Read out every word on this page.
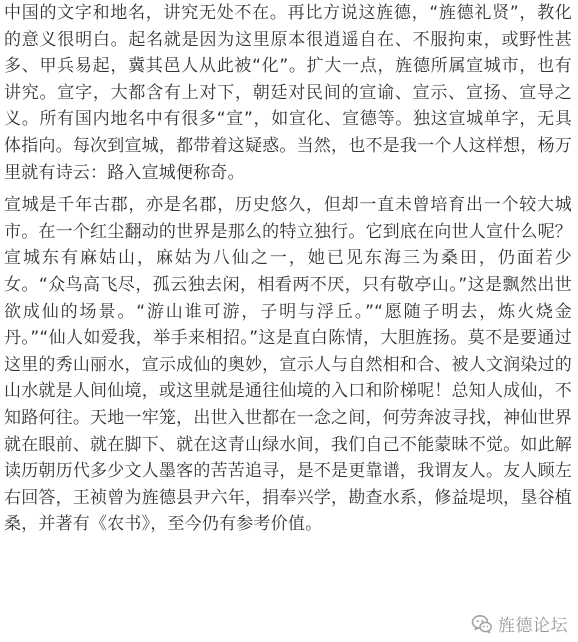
中国的文字和地名，讲究无处不在。再比方说这旌德，“旌德礼贤”，教化的意义很明白。起名就是因为这里原本很逍遥自在、不服拘束，或野性甚多、甲兵易起，冀其邑人从此被“化”。扩大一点，旌德所属宣城市，也有讲究。宣字，大都含有上对下，朝廷对民间的宣谕、宣示、宣扬、宣导之义。所有国内地名中有很多“宣”，如宣化、宣德等。独这宣城单字，无具体指向。每次到宣城，都带着这疑惑。当然，也不是我一个人这样想，杨万里就有诗云：路入宣城便称奇。

宣城是千年古郡，亦是名郡，历史悠久，但却一直未曾培育出一个较大城市。在一个红尘翻动的世界是那么的特立独行。它到底在向世人宣什么呢？宣城东有麻姑山，麻姑为八仙之一，她已见东海三为桑田，仍面若少女。“众鸟高飞尽，孤云独去闲，相看两不厌，只有敬亭山。”这是飘然出世欲成仙的场景。“游山谁可游，子明与浮丘。”“愿随子明去，炼火烧金丹。”“仙人如爱我，举手来相招。”这是直白陈情，大胆旌扬。莫不是要通过这里的秀山丽水，宣示成仙的奥妙，宣示人与自然相和合、被人文润染过的山水就是人间仙境，或这里就是通往仙境的入口和阶梯呢！总知人成仙，不知路何往。天地一牢笼，出世入世都在一念之间，何劳奔波寻找，神仙世界就在眼前、就在脚下、就在这青山绿水间，我们自己不能蒙昧不觉。如此解读历朝历代多少文人墨客的苦苦追寻，是不是更靠谱，我谓友人。友人顾左右回答，王祯曾为旌德县尹六年，捐奉兴学，勘查水系，修益堤坝，垦谷植桑，并著有《农书》，至今仍有参考价值。

旌德论坛
